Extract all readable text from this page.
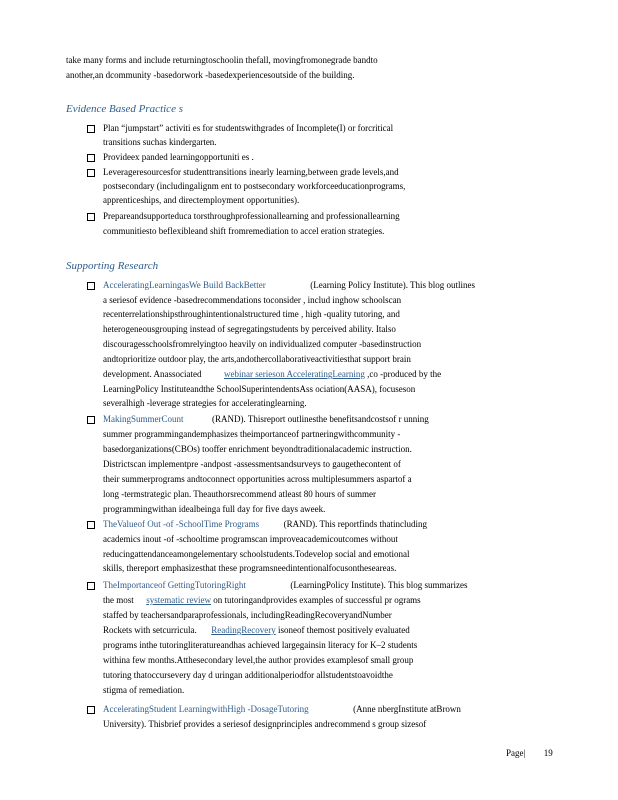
take many forms and include returningtoschoolin thefall, movingfromonegrade bandto
another,an dcommunity -basedorwork -basedexperiencesoutside of the building.
Evidence Based Practice s
Plan “jumpstart” activiti es for studentswithgrades of Incomplete(I) or forcritical
transitions suchas kindergarten.
Provideex panded learningopportuniti es .
Leverageresourcesfor studenttransitions inearly learning,between grade levels,and
postsecondary (includingalignm ent to postsecondary workforceeducationprograms,
apprenticeships, and directemployment opportunities).
Prepareandsupporteduca torsthroughprofessionallearning and professionallearning
communitiesto beflexibleand shift fromremediation to accel eration strategies.
Supporting Research
AcceleratingLearningasWe Build BackBetter	(Learning Policy Institute). This blog outlines
a seriesof evidence -basedrecommendations toconsider , includ inghow schoolscan
recenterrelationshipsthroughintentionalstructured time , high -quality tutoring, and
heterogeneousgrouping instead of segregatingstudents by perceived ability. Italso
discouragesschoolsfromrelyingtoo heavily on individualized computer -basedinstruction
andtoprioritize outdoor play, the arts,andothercollaborativeactivitiesthat support brain
development. Anassociated	webinar serieson AcceleratingLearning ,co -produced by the
LearningPolicy Instituteandthe SchoolSuperintendentsAss ociation(AASA), focuseson
severalhigh -leverage strategies for acceleratinglearning.
MakingSummerCount	(RAND). Thisreport outlinesthe benefitsandcostsof r unning
summer programmingandemphasizes theimportanceof partneringwithcommunity -
basedorganizations(CBOs) tooffer enrichment beyondtraditionalacademic instruction.
Districtscan implementpre -andpost -assessmentsandsurveys to gaugethecontent of
their summerprograms andtoconnect opportunities across multiplesummers aspartof a
long -termstrategic plan. Theauthorsrecommend atleast 80 hours of summer
programmingwithan idealbeinga full day for five days aweek.
TheValueof Out -of -SchoolTime Programs	(RAND). This reportfinds thatincluding
academics inout -of -schooltime programscan improveacademicoutcomes without
reducingattendanceamongelementary schoolstudents.Todevelop social and emotional
skills, thereport emphasizesthat these programsneedintentionalfocusontheseareas.
TheImportanceof GettingTutoringRight	(LearningPolicy Institute). This blog summarizes
the most systematic review on tutoringandprovides examples of successful pr ograms
staffed by teachersandparaprofessionals, includingReadingRecoveryandNumber
Rockets with setcurricula. ReadingRecovery isoneof themost positively evaluated
programs inthe tutoringliteratureandhas achieved largegainsin literacy for K–2 students
withina few months.Atthesecondary level,the author provides examplesof small group
tutoring thatoccursevery day d uringan additionalperiodfor allstudentstoavoidthe
stigma of remediation.
AcceleratingStudent LearningwithHigh -DosageTutoring	(Anne nbergInstitute atBrown
University). Thisbrief provides a seriesof designprinciples andrecommend s group sizesof
Page| 19
